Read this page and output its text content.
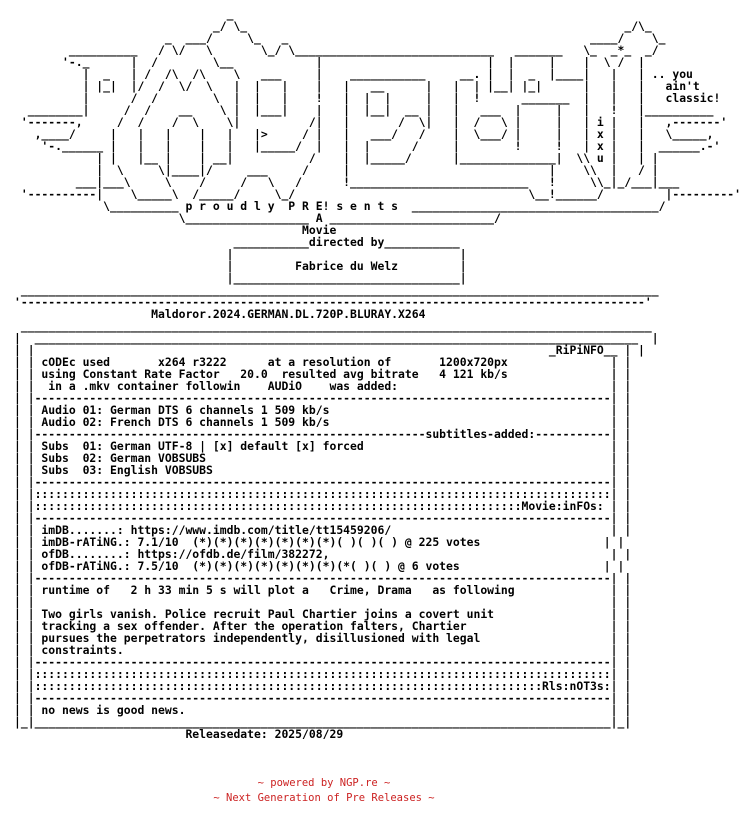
_
_/ \_                                                       _/\_
_  ___/     \_   _                                            ____/    \_
__________   / \/   \       \_/ \_____________________________   _______   \_  _*_  _/
'-._      |  /        \__            |                        |  |     |    |  \ /  |
|  _   | /  /\  /\    \   ___     |    ___________     __. |  |  _  |____|   |   | .. you
| |_|  |/  /  \/  \   |  |   |    |   |   __      |   |  | |__| |_|      |   |   |   ain't
|      /  /        \  |  |   |    !   |  |  |     |   |  !      _______  |   |   |   classic!
________|     /  /    __    \ |  |___|    |   |  |__|  __ |   |   ___  |     |   |   !   |__________
'-------,     /  /    /  \    \|          /|   |       /  \|   |  /   \ |     |   | i |   |   ,-------'
,____/     |   |   |    |   |   |>     / |   |   ___/   /    |  \___/ |     |   | x |   |   \_____,
'-.______ |   |   |    |   |   |_____/  |   |  |      /     |        !     !   | x |   |  ______.-'
| |   |__ |    | __|           /    |  |_____/      |______________|  \\ u |   | |
|  \     \|____|/     ___     /     |                             |    \\  |   / |
___|___\     \    /     /   \   /      !__________________________   !     \\_|_/___|___
'----------|    \_____\  /_____/     \_/                                  \__!______/         |---------'
\__________ p r o u d l y  P R E! s e n t s  ____________________________________/
\__________________ A ________________________/
Movie
___________directed by___________
|                                 |
|         Fabrice du Welz         |
|_________________________________|
_____________________________________________________________________________________________
'-------------------------------------------------------------------------------------------'
Maldoror.2024.GERMAN.DL.720P.BLURAY.X264
____________________________________________________________________________________________
|  ________________________________________________________________________________________  |
| |                                                                           _RiPiNFO__ | |
| | cODEc used       x264 r3222      at a resolution of       1200x720px               | |
| | using Constant Rate Factor   20.0  resulted avg bitrate   4 121 kb/s               | |
| |  in a .mkv container followin    AUDiO    was added:                               | |
| |------------------------------------------------------------------------------------| |
| | Audio 01: German DTS 6 channels 1 509 kb/s                                         | |
| | Audio 02: French DTS 6 channels 1 509 kb/s                                         | |
| |---------------------------------------------------------subtitles-added:-----------| |
| | Subs  01: German UTF-8 | [x] default [x] forced                                    | |
| | Subs  02: German VOBSUBS                                                           | |
| | Subs  03: English VOBSUBS                                                          | |
| |------------------------------------------------------------------------------------| |
| |::::::::::::::::::::::::::::::::::::::::::::::::::::::::::::::::::::::::::::::::::::| |
| |:::::::::::::::::::::::::::::::::::::::::::::::::::::::::::::::::::::::Movie:inFOs: | |
| |------------------------------------------------------------------------------------| |
| | imDB.......: https://www.imdb.com/title/tt15459206/                                | |
| | imDB-rATiNG.: 7.1/10  (*)(*)(*)(*)(*)(*)(*)( )( )( ) @ 225 votes                  | |
| | ofDB........: https://ofdb.de/film/382272,                                         | |
| | ofDB-rATiNG.: 7.5/10  (*)(*)(*)(*)(*)(*)(*)(*( )( ) @ 6 votes                     | |
| |------------------------------------------------------------------------------------| |
| | runtime of   2 h 33 min 5 s will plot a   Crime, Drama   as following              | |
| |                                                                                    | |
| | Two girls vanish. Police recruit Paul Chartier joins a covert unit                 | |
| | tracking a sex offender. After the operation falters, Chartier                     | |
| | pursues the perpetrators independently, disillusioned with legal                   | |
| | constraints.                                                                       | |
| |------------------------------------------------------------------------------------| |
| |::::::::::::::::::::::::::::::::::::::::::::::::::::::::::::::::::::::::::::::::::::| |
| |::::::::::::::::::::::::::::::::::::::::::::::::::::::::::::::::::::::::::Rls:nOT3s:| |
| |------------------------------------------------------------------------------------| |
| | no news is good news.                                                              | |
|_|____________________________________________________________________________________|_|
Releasedate: 2025/08/29
~ powered by NGP.re ~
~ Next Generation of Pre Releases ~
